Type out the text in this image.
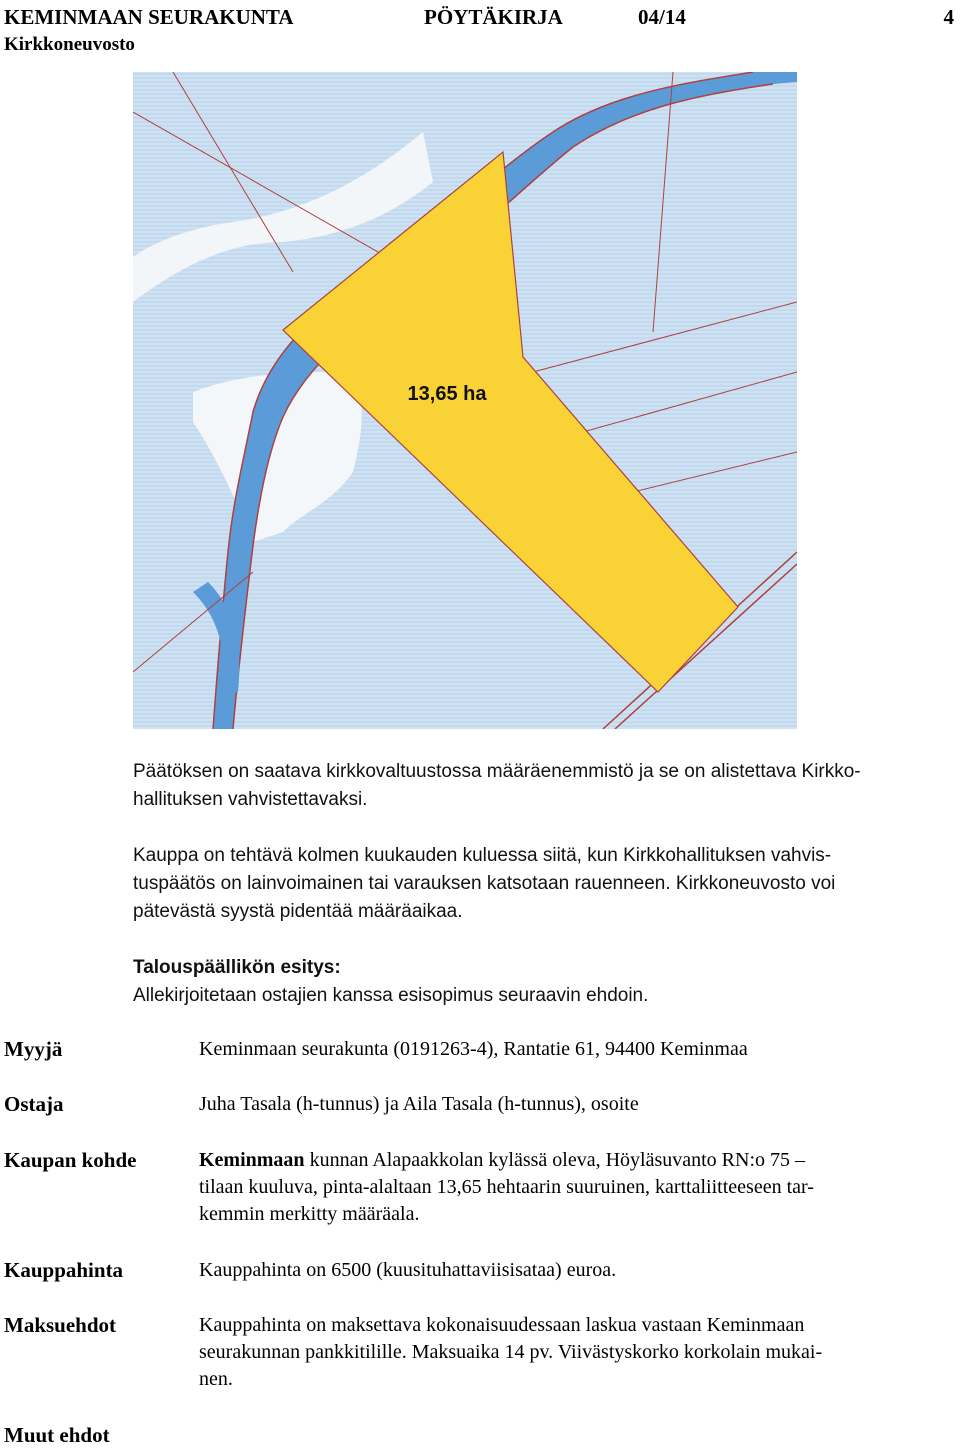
KEMINMAAN SEURAKUNTA	PÖYTÄKIRJA	04/14	4
Kirkkoneuvosto
13,65 ha
Päätöksen on saatava kirkkovaltuustossa määräenemmistö ja se on alistettava Kirkko-
hallituksen vahvistettavaksi.
Kauppa on tehtävä kolmen kuukauden kuluessa siitä, kun Kirkkohallituksen vahvis-
tuspäätös on lainvoimainen tai varauksen katsotaan rauenneen. Kirkkoneuvosto voi
pätevästä syystä pidentää määräaikaa.
Talouspäällikön esitys:
Allekirjoitetaan ostajien kanssa esisopimus seuraavin ehdoin.
Myyjä	Keminmaan seurakunta (0191263-4), Rantatie 61, 94400 Keminmaa
Ostaja	Juha Tasala (h-tunnus) ja Aila Tasala (h-tunnus), osoite
Kaupan kohde	Keminmaan kunnan Alapaakkolan kylässä oleva, Höyläsuvanto RN:o 75 –
tilaan kuuluva, pinta-alaltaan 13,65 hehtaarin suuruinen, karttaliitteeseen tar-
kemmin merkitty määräala.
Kauppahinta	Kauppahinta on 6500 (kuusituhattaviisisataa) euroa.
Maksuehdot	Kauppahinta on maksettava kokonaisuudessaan laskua vastaan Keminmaan
seurakunnan pankkitilille. Maksuaika 14 pv. Viivästyskorko korkolain mukai-
nen.
Muut ehdot
